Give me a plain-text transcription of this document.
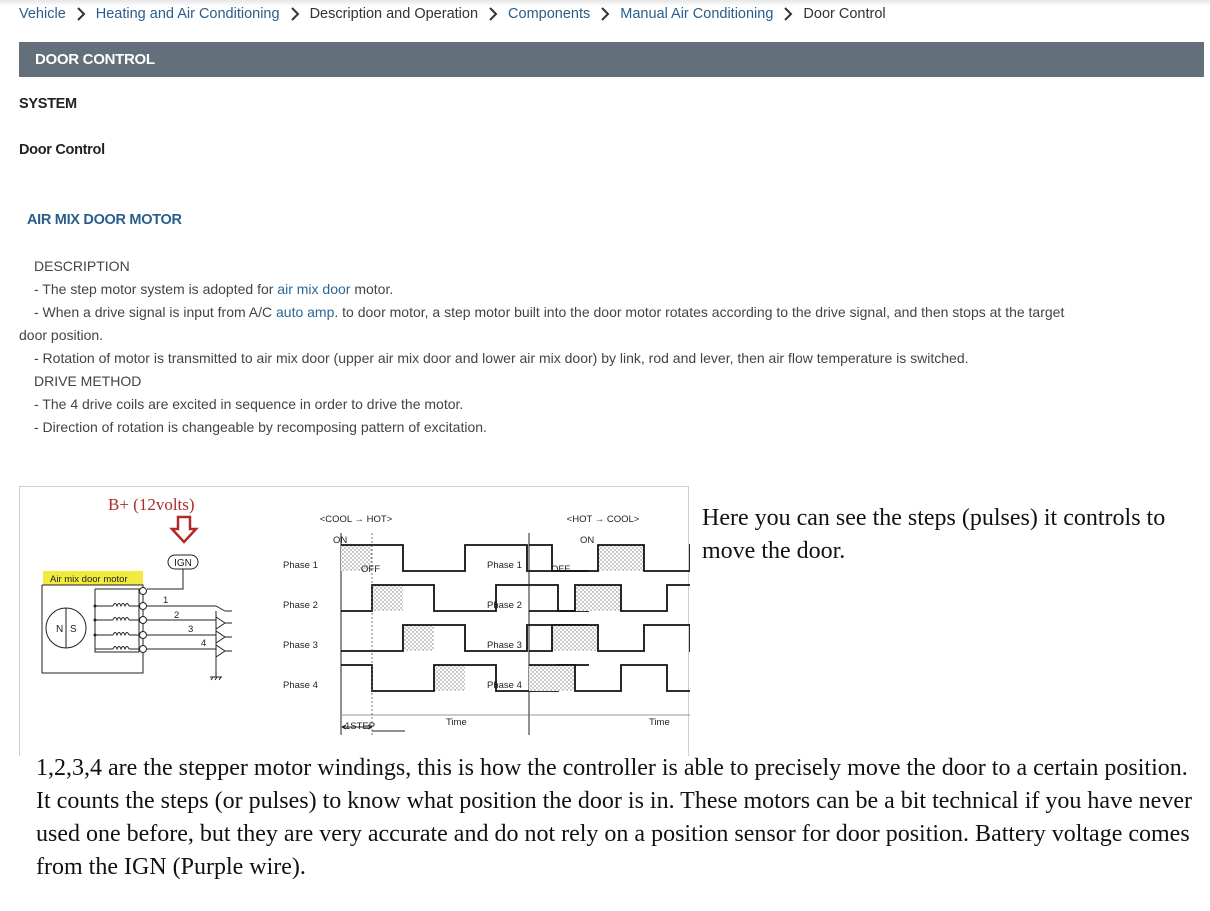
Vehicle Heating and Air Conditioning Description and Operation Components Manual Air Conditioning Door Control
DOOR CONTROL
SYSTEM
Door Control
AIR MIX DOOR MOTOR

DESCRIPTION

- The step motor system is adopted for air mix door motor.

- When a drive signal is input from A/C auto amp. to door motor, a step motor built into the door motor rotates according to the drive signal, and then stops at the target

door position.

- Rotation of motor is transmitted to air mix door (upper air mix door and lower air mix door) by link, rod and lever, then air flow temperature is switched.

DRIVE METHOD

- The 4 drive coils are excited in sequence in order to drive the motor.

- Direction of rotation is changeable by recomposing pattern of excitation.

B+ (12volts)
IGN
Air mix door motor
N S
1
2
3
4
<COOL → HOT>	<HOT → COOL>
Phase 1
Phase 2
Phase 3
Phase 4
Phase 1
Phase 2
Phase 3
Phase 4
ON
OFF
ON
OFF
1STEP	Time	Time
Here you can see the steps (pulses) it controls to move the door.
1,2,3,4 are the stepper motor windings, this is how the controller is able to precisely move the door to a certain position. It counts the steps (or pulses) to know what position the door is in. These motors can be a bit technical if you have never used one before, but they are very accurate and do not rely on a position sensor for door position. Battery voltage comes from the IGN (Purple wire).
